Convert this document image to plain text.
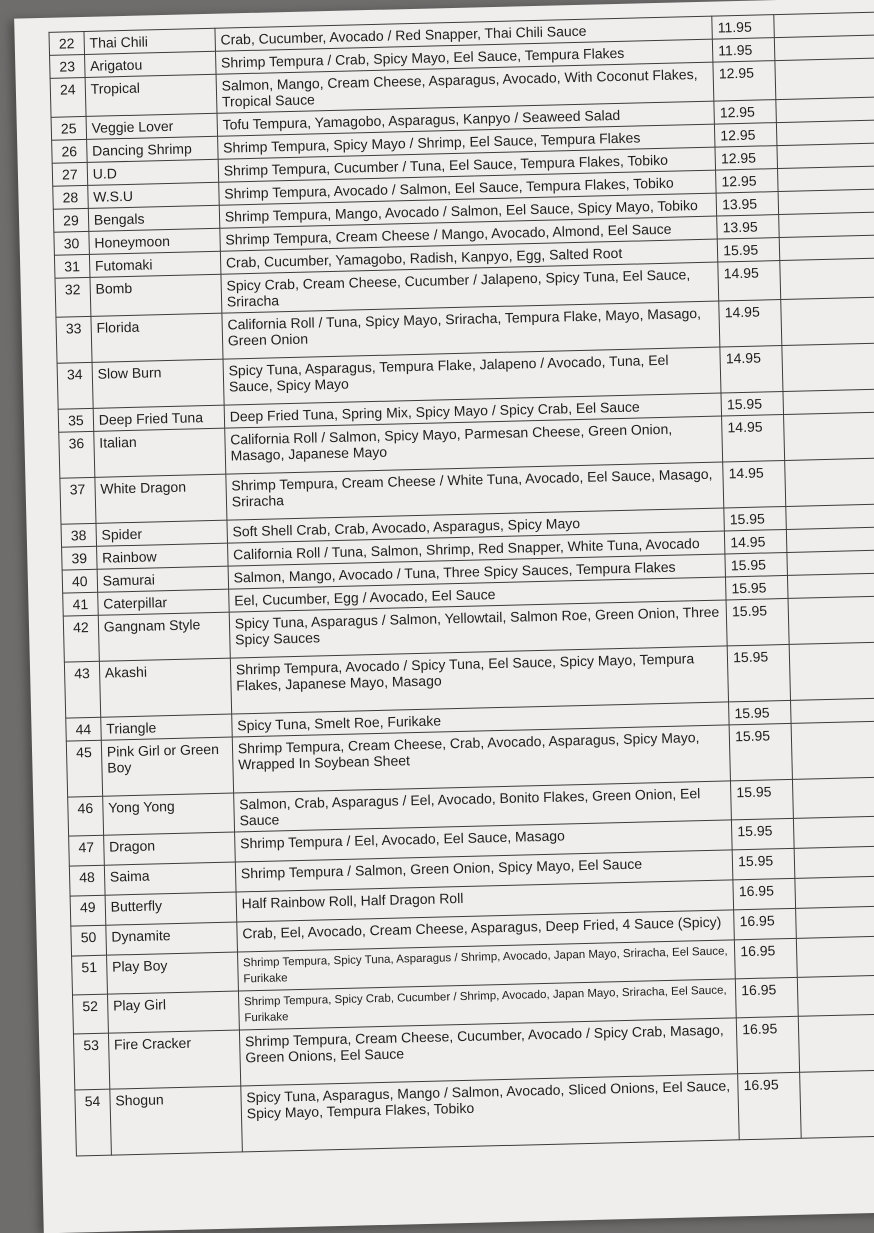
22	Thai Chili	Crab, Cucumber, Avocado / Red Snapper, Thai Chili Sauce	11.95	
23	Arigatou	Shrimp Tempura / Crab, Spicy Mayo, Eel Sauce, Tempura Flakes	11.95	
24	Tropical	Salmon, Mango, Cream Cheese, Asparagus, Avocado, With Coconut Flakes, Tropical Sauce	12.95	
25	Veggie Lover	Tofu Tempura, Yamagobo, Asparagus, Kanpyo / Seaweed Salad	12.95	
26	Dancing Shrimp	Shrimp Tempura, Spicy Mayo / Shrimp, Eel Sauce, Tempura Flakes	12.95	
27	U.D	Shrimp Tempura, Cucumber / Tuna, Eel Sauce, Tempura Flakes, Tobiko	12.95	
28	W.S.U	Shrimp Tempura, Avocado / Salmon, Eel Sauce, Tempura Flakes, Tobiko	12.95	
29	Bengals	Shrimp Tempura, Mango, Avocado / Salmon, Eel Sauce, Spicy Mayo, Tobiko	13.95	
30	Honeymoon	Shrimp Tempura, Cream Cheese / Mango, Avocado, Almond, Eel Sauce	13.95	
31	Futomaki	Crab, Cucumber, Yamagobo, Radish, Kanpyo, Egg, Salted Root	15.95	
32	Bomb	Spicy Crab, Cream Cheese, Cucumber / Jalapeno, Spicy Tuna, Eel Sauce, Sriracha	14.95	
33	Florida	California Roll / Tuna, Spicy Mayo, Sriracha, Tempura Flake, Mayo, Masago, Green Onion	14.95	
34	Slow Burn	Spicy Tuna, Asparagus, Tempura Flake, Jalapeno / Avocado, Tuna, Eel Sauce, Spicy Mayo	14.95	
35	Deep Fried Tuna	Deep Fried Tuna, Spring Mix, Spicy Mayo / Spicy Crab, Eel Sauce	15.95	
36	Italian	California Roll / Salmon, Spicy Mayo, Parmesan Cheese, Green Onion, Masago, Japanese Mayo	14.95	
37	White Dragon	Shrimp Tempura, Cream Cheese / White Tuna, Avocado, Eel Sauce, Masago, Sriracha	14.95	
38	Spider	Soft Shell Crab, Crab, Avocado, Asparagus, Spicy Mayo	15.95	
39	Rainbow	California Roll / Tuna, Salmon, Shrimp, Red Snapper, White Tuna, Avocado	14.95	
40	Samurai	Salmon, Mango, Avocado / Tuna, Three Spicy Sauces, Tempura Flakes	15.95	
41	Caterpillar	Eel, Cucumber, Egg / Avocado, Eel Sauce	15.95	
42	Gangnam Style	Spicy Tuna, Asparagus / Salmon, Yellowtail, Salmon Roe, Green Onion, Three Spicy Sauces	15.95	
43	Akashi	Shrimp Tempura, Avocado / Spicy Tuna, Eel Sauce, Spicy Mayo, Tempura Flakes, Japanese Mayo, Masago	15.95	
44	Triangle	Spicy Tuna, Smelt Roe, Furikake	15.95	
45	Pink Girl or Green Boy	Shrimp Tempura, Cream Cheese, Crab, Avocado, Asparagus, Spicy Mayo, Wrapped In Soybean Sheet	15.95	
46	Yong Yong	Salmon, Crab, Asparagus / Eel, Avocado, Bonito Flakes, Green Onion, Eel Sauce	15.95	
47	Dragon	Shrimp Tempura / Eel, Avocado, Eel Sauce, Masago	15.95	
48	Saima	Shrimp Tempura / Salmon, Green Onion, Spicy Mayo, Eel Sauce	15.95	
49	Butterfly	Half Rainbow Roll, Half Dragon Roll	16.95	
50	Dynamite	Crab, Eel, Avocado, Cream Cheese, Asparagus, Deep Fried, 4 Sauce (Spicy)	16.95	
51	Play Boy	Shrimp Tempura, Spicy Tuna, Asparagus / Shrimp, Avocado, Japan Mayo, Sriracha, Eel Sauce, Furikake	16.95	
52	Play Girl	Shrimp Tempura, Spicy Crab, Cucumber / Shrimp, Avocado, Japan Mayo, Sriracha, Eel Sauce, Furikake	16.95	
53	Fire Cracker	Shrimp Tempura, Cream Cheese, Cucumber, Avocado / Spicy Crab, Masago, Green Onions, Eel Sauce	16.95	
54	Shogun	Spicy Tuna, Asparagus, Mango / Salmon, Avocado, Sliced Onions, Eel Sauce, Spicy Mayo, Tempura Flakes, Tobiko	16.95	
